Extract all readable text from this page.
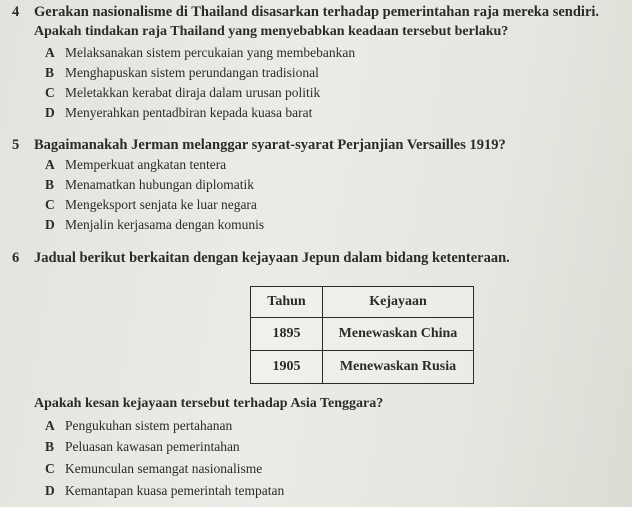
4 Gerakan nasionalisme di Thailand disasarkan terhadap pemerintahan raja mereka sendiri.
Apakah tindakan raja Thailand yang menyebabkan keadaan tersebut berlaku?
A Melaksanakan sistem percukaian yang membebankan
B Menghapuskan sistem perundangan tradisional
C Meletakkan kerabat diraja dalam urusan politik
D Menyerahkan pentadbiran kepada kuasa barat
5 Bagaimanakah Jerman melanggar syarat-syarat Perjanjian Versailles 1919?
A Memperkuat angkatan tentera
B Menamatkan hubungan diplomatik
C Mengeksport senjata ke luar negara
D Menjalin kerjasama dengan komunis
6 Jadual berikut berkaitan dengan kejayaan Jepun dalam bidang ketenteraan.
Tahun	Kejayaan
1895	Menewaskan China
1905	Menewaskan Rusia
Apakah kesan kejayaan tersebut terhadap Asia Tenggara?
A Pengukuhan sistem pertahanan
B Peluasan kawasan pemerintahan
C Kemunculan semangat nasionalisme
D Kemantapan kuasa pemerintah tempatan
